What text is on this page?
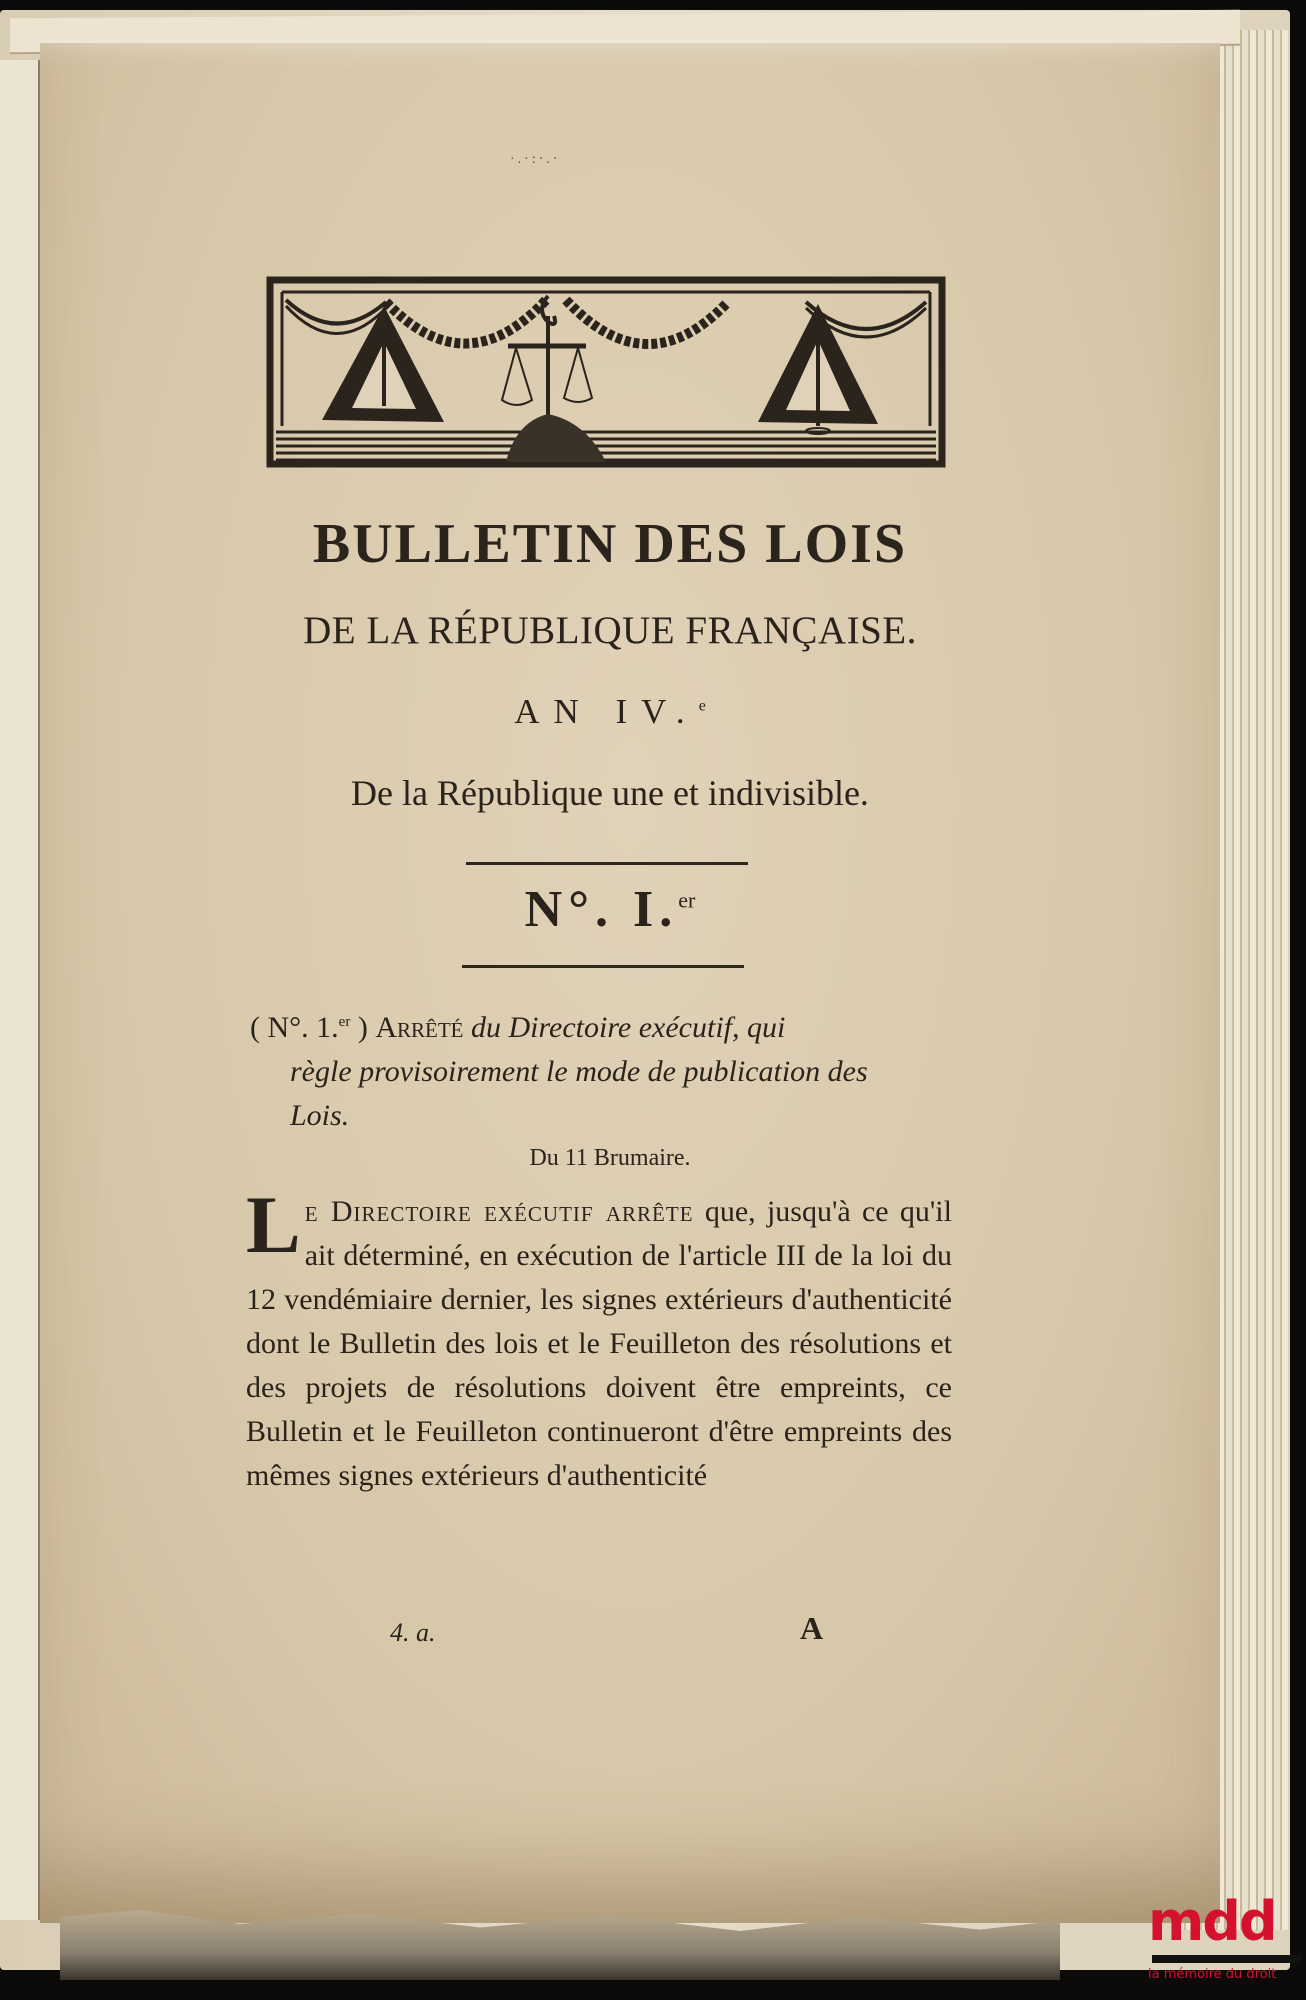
·.·:·.·
BULLETIN DES LOIS
DE LA RÉPUBLIQUE FRANÇAISE.
AN IV.$^e$
De la République une et indivisible.
N°. I.$^{er}$
( N°. 1.$^{er}$ ) Arrêté du Directoire exécutif, qui
règle provisoirement le mode de publication des
Lois.
Du 11 Brumaire.

Le Directoire exécutif arrête que, jusqu'à ce qu'il ait déterminé, en exécution de l'article III de la loi du 12 vendémiaire dernier, les signes extérieurs d'authenticité dont le Bulletin des lois et le Feuilleton des résolutions et des projets de résolutions doivent être empreints, ce Bulletin et le Feuilleton continueront d'être empreints des mêmes signes extérieurs d'authenticité

4. a.	A
mdd
la mémoire du droit
